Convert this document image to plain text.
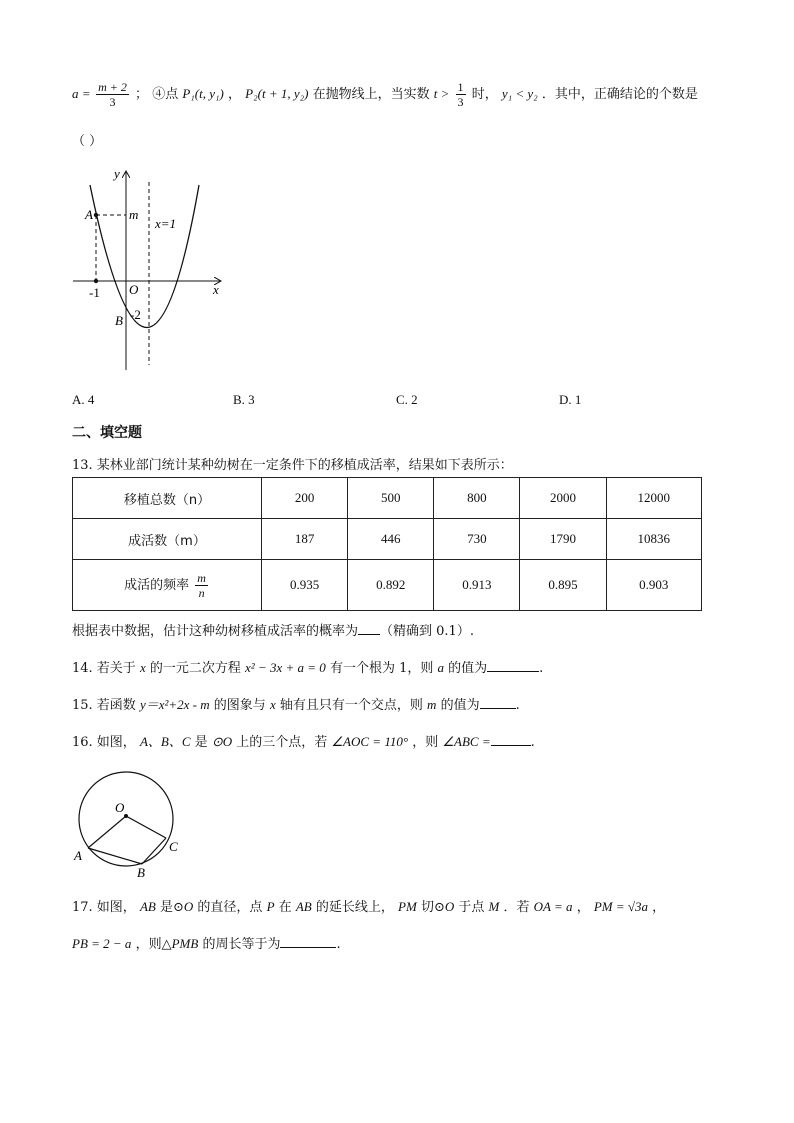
$a = \frac{m + 2}{3}$ ； ④点 P₁(t, y₁) ， P₂(t + 1, y₂) 在抛物线上，当实数 $t > \frac{1}{3}$ 时， y₁ < y₂ ．其中，正确结论的个数是
（ ）
y
x
A	m
x=1
-1 O
B -2
A. 4	B. 3	C. 2	D. 1
二、填空题
13. 某林业部门统计某种幼树在一定条件下的移植成活率，结果如下表所示：
移植总数（n）	200	500	800	2000	12000
成活数（m）	187	446	730	1790	10836
成活的频率 $\frac{m}{n}$	0.935	0.892	0.913	0.895	0.903
根据表中数据，估计这种幼树移植成活率的概率为 （精确到 0.1）.
14. 若关于 x 的一元二次方程 x² − 3x + a = 0 有一个根为 1，则 a 的值为	.
15. 若函数 y＝x²+2x - m 的图象与 x 轴有且只有一个交点，则 m 的值为	.
16. 如图， A、B、C 是 ⊙O 上的三个点，若 ∠AOC = 110° ，则 ∠ABC =	.
O
A
B
C
17. 如图， AB 是⊙O 的直径，点 P 在 AB 的延长线上， PM 切⊙O 于点 M ．若 OA = a ， PM = √3a ，
PB = 2 − a ，则△PMB 的周长等于为	.
